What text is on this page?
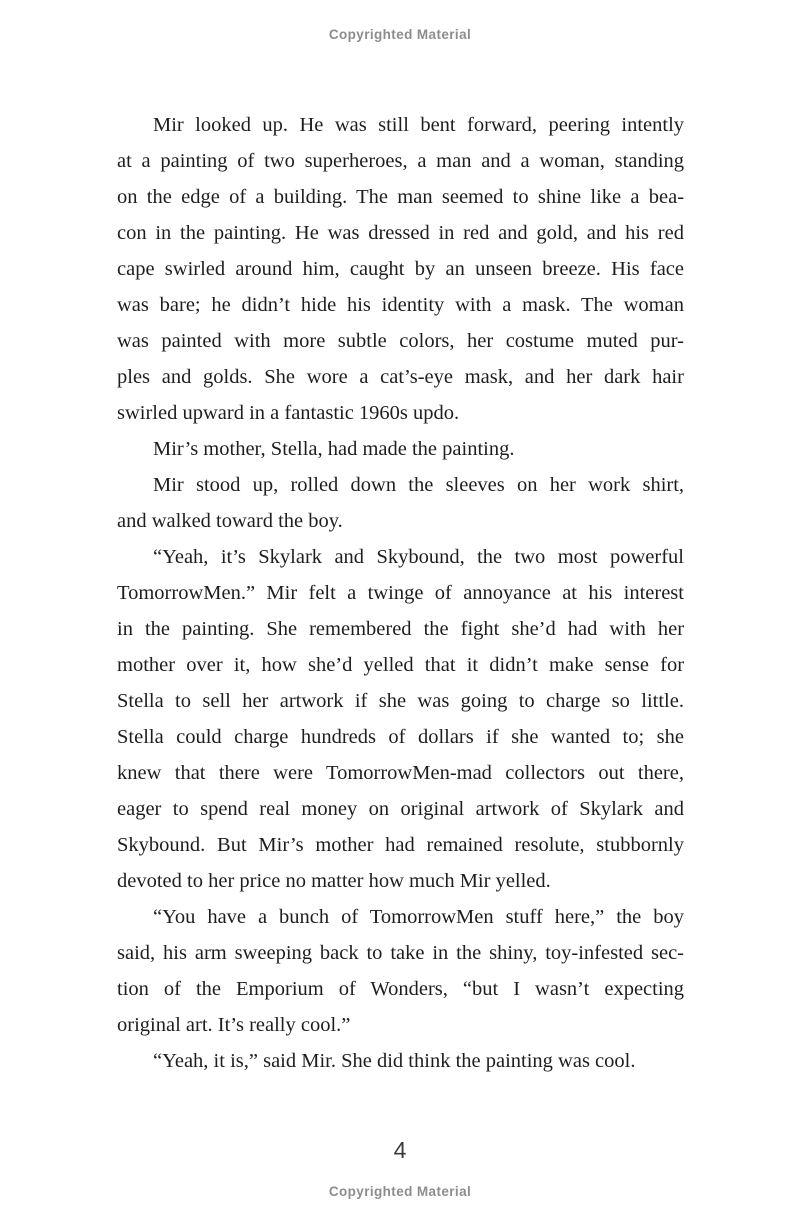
Copyrighted Material
Mir looked up. He was still bent forward, peering intently
at a painting of two superheroes, a man and a woman, standing
on the edge of a building. The man seemed to shine like a bea-
con in the painting. He was dressed in red and gold, and his red
cape swirled around him, caught by an unseen breeze. His face
was bare; he didn’t hide his identity with a mask. The woman
was painted with more subtle colors, her costume muted pur-
ples and golds. She wore a cat’s-eye mask, and her dark hair
swirled upward in a fantastic 1960s updo.
Mir’s mother, Stella, had made the painting.
Mir stood up, rolled down the sleeves on her work shirt,
and walked toward the boy.
“Yeah, it’s Skylark and Skybound, the two most powerful
TomorrowMen.” Mir felt a twinge of annoyance at his interest
in the painting. She remembered the fight she’d had with her
mother over it, how she’d yelled that it didn’t make sense for
Stella to sell her artwork if she was going to charge so little.
Stella could charge hundreds of dollars if she wanted to; she
knew that there were TomorrowMen-mad collectors out there,
eager to spend real money on original artwork of Skylark and
Skybound. But Mir’s mother had remained resolute, stubbornly
devoted to her price no matter how much Mir yelled.
“You have a bunch of TomorrowMen stuff here,” the boy
said, his arm sweeping back to take in the shiny, toy-infested sec-
tion of the Emporium of Wonders, “but I wasn’t expecting
original art. It’s really cool.”
“Yeah, it is,” said Mir. She did think the painting was cool.
4
Copyrighted Material
